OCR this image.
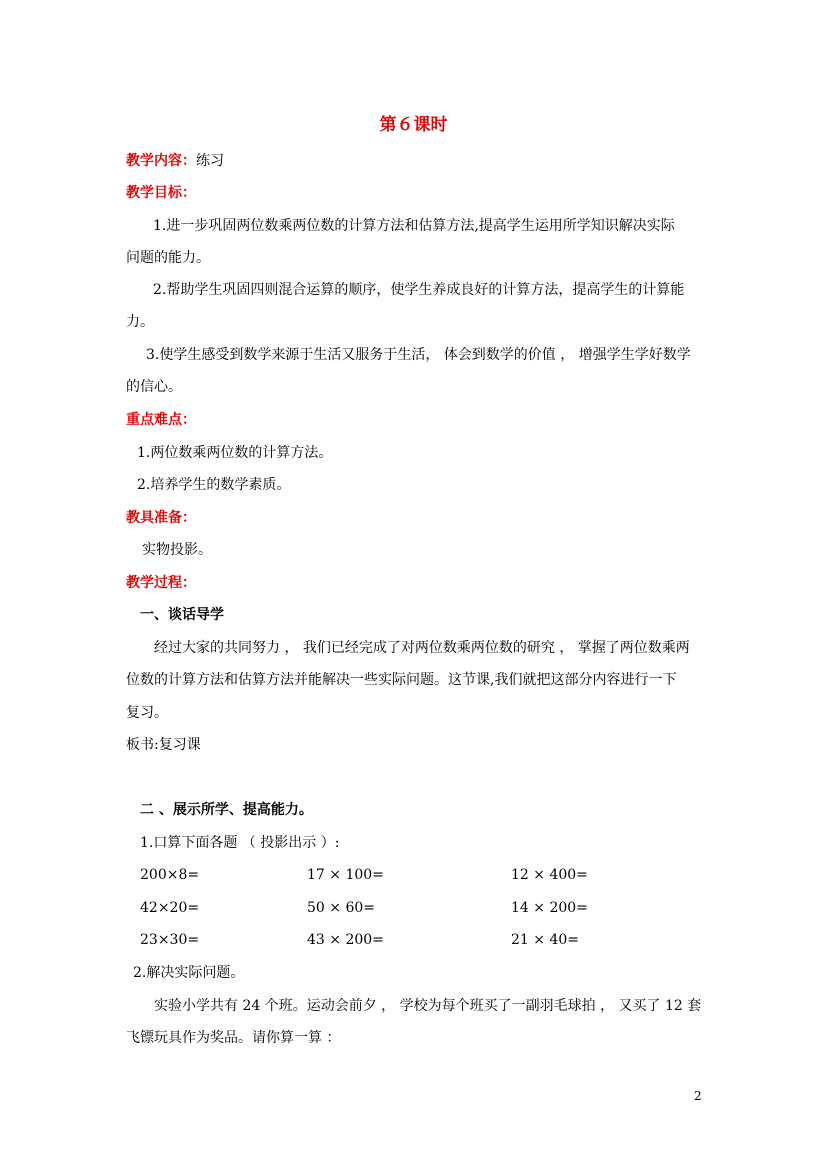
第６课时
教学内容：练习
教学目标：
1.进一步巩固两位数乘两位数的计算方法和估算方法,提高学生运用所学知识解决实际
问题的能力。
2.帮助学生巩固四则混合运算的顺序，使学生养成良好的计算方法，提高学生的计算能
力。
3.使学生感受到数学来源于生活又服务于生活， 体会到数学的价值 ， 增强学生学好数学
的信心。
重点难点：
1.两位数乘两位数的计算方法。
2.培养学生的数学素质。
教具准备：
实物投影。
教学过程：
一、谈话导学
经过大家的共同努力 ， 我们已经完成了对两位数乘两位数的研究 ， 掌握了两位数乘两
位数的计算方法和估算方法并能解决一些实际问题。这节课,我们就把这部分内容进行一下
复习。
板书:复习课
二 、展示所学、提高能力。
1.口算下面各题 （ 投影出示 ）:
200×8=	17 × 100=	12 × 400=
42×20=	50 × 60=	14 × 200=
23×30=	43 × 200=	21 × 40=
2.解决实际问题。
实验小学共有 24 个班。运动会前夕 ， 学校为每个班买了一副羽毛球拍 ， 又买了 12 套
飞镖玩具作为奖品。请你算一算 ：
2
